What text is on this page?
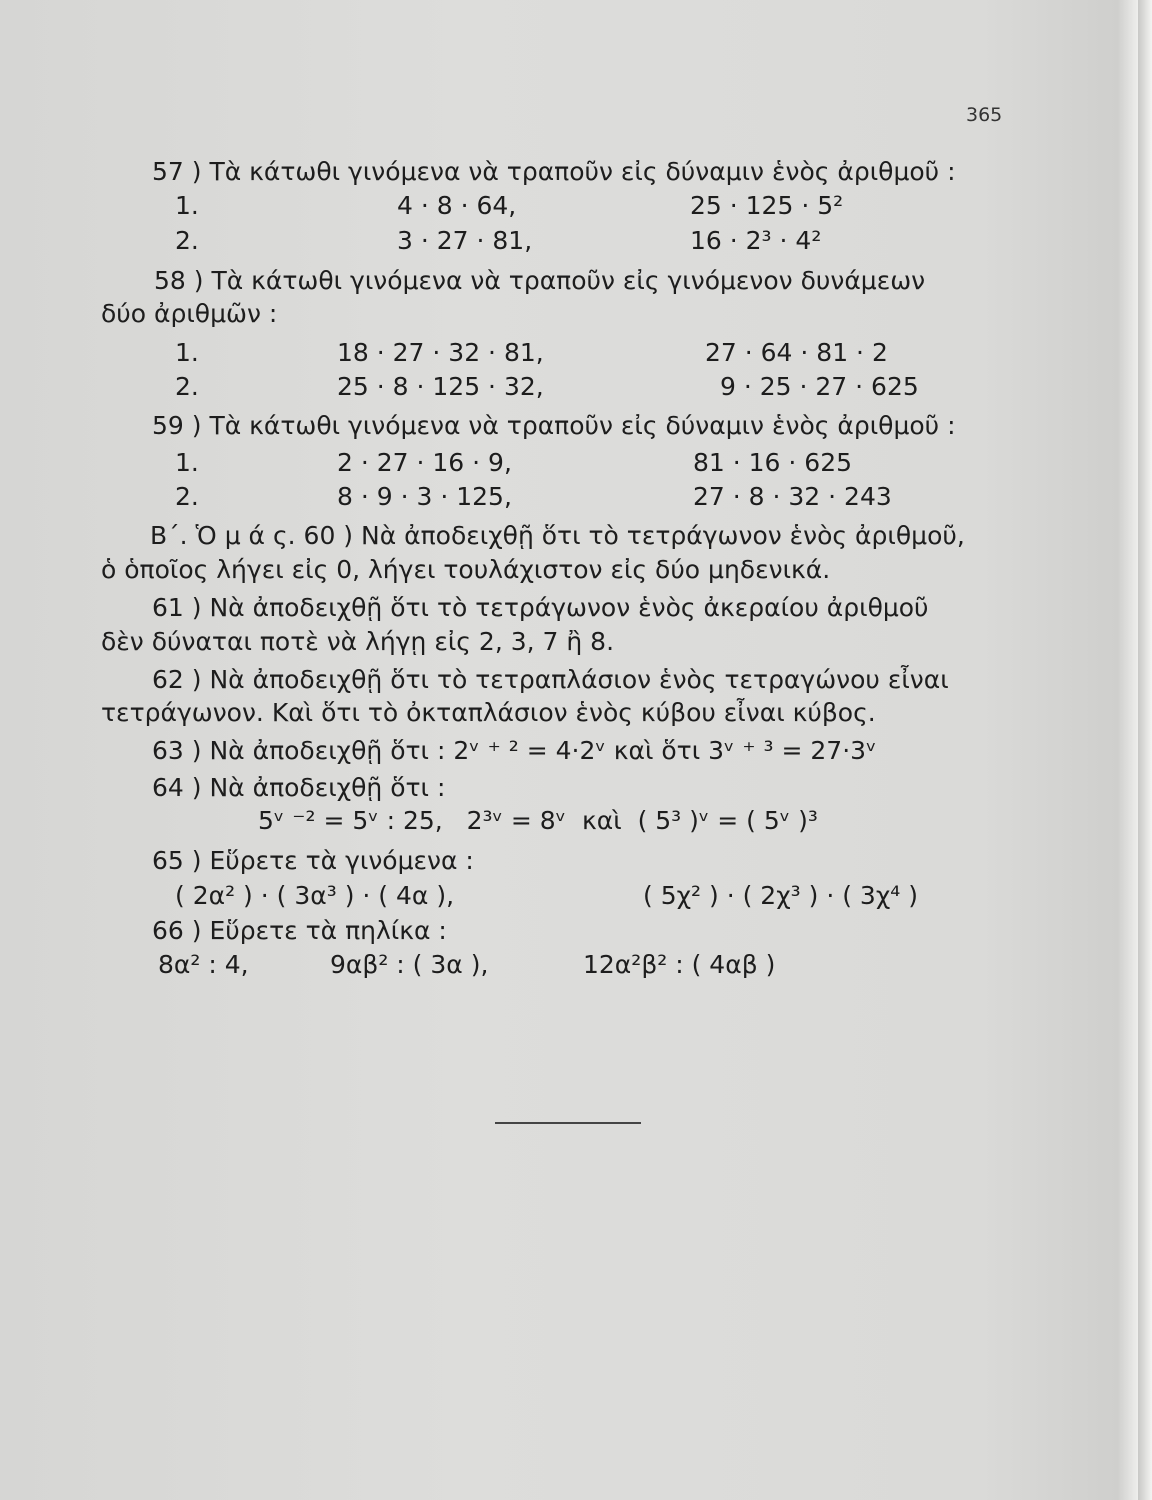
365
57 ) Τὰ κάτωθι γινόμενα νὰ τραποῦν εἰς δύναμιν ἑνὸς ἀριθμοῦ :
1.	4 · 8 · 64,	25 · 125 · 5²
2.	3 · 27 · 81,	16 · 2³ · 4²
58 ) Τὰ κάτωθι γινόμενα νὰ τραποῦν εἰς γινόμενον δυνάμεων
δύο ἀριθμῶν :
1.	18 · 27 · 32 · 81,	27 · 64 · 81 · 2
2.	25 · 8 · 125 · 32,	9 · 25 · 27 · 625
59 ) Τὰ κάτωθι γινόμενα νὰ τραποῦν εἰς δύναμιν ἑνὸς ἀριθμοῦ :
1.	2 · 27 · 16 · 9,	81 · 16 · 625
2.	8 · 9 · 3 · 125,	27 · 8 · 32 · 243
Β΄. Ὁ μ ά ς. 60 ) Νὰ ἀποδειχθῇ ὅτι τὸ τετράγωνον ἑνὸς ἀριθμοῦ,
ὁ ὁποῖος λήγει εἰς 0, λήγει τουλάχιστον εἰς δύο μηδενικά.
61 ) Νὰ ἀποδειχθῇ ὅτι τὸ τετράγωνον ἑνὸς ἀκεραίου ἀριθμοῦ
δὲν δύναται ποτὲ νὰ λήγῃ εἰς 2, 3, 7 ἢ 8.
62 ) Νὰ ἀποδειχθῇ ὅτι τὸ τετραπλάσιον ἑνὸς τετραγώνου εἶναι
τετράγωνον. Καὶ ὅτι τὸ ὀκταπλάσιον ἑνὸς κύβου εἶναι κύβος.
63 ) Νὰ ἀποδειχθῇ ὅτι : 2ᵛ ⁺ ² = 4·2ᵛ καὶ ὅτι 3ᵛ ⁺ ³ = 27·3ᵛ
64 ) Νὰ ἀποδειχθῇ ὅτι :
5ᵛ ⁻² = 5ᵛ : 25,   2³ᵛ = 8ᵛ  καὶ  ( 5³ )ᵛ = ( 5ᵛ )³
65 ) Εὕρετε τὰ γινόμενα :
( 2α² ) · ( 3α³ ) · ( 4α ),	( 5χ² ) · ( 2χ³ ) · ( 3χ⁴ )
66 ) Εὕρετε τὰ πηλίκα :
8α² : 4,	9αβ² : ( 3α ),	12α²β² : ( 4αβ )
